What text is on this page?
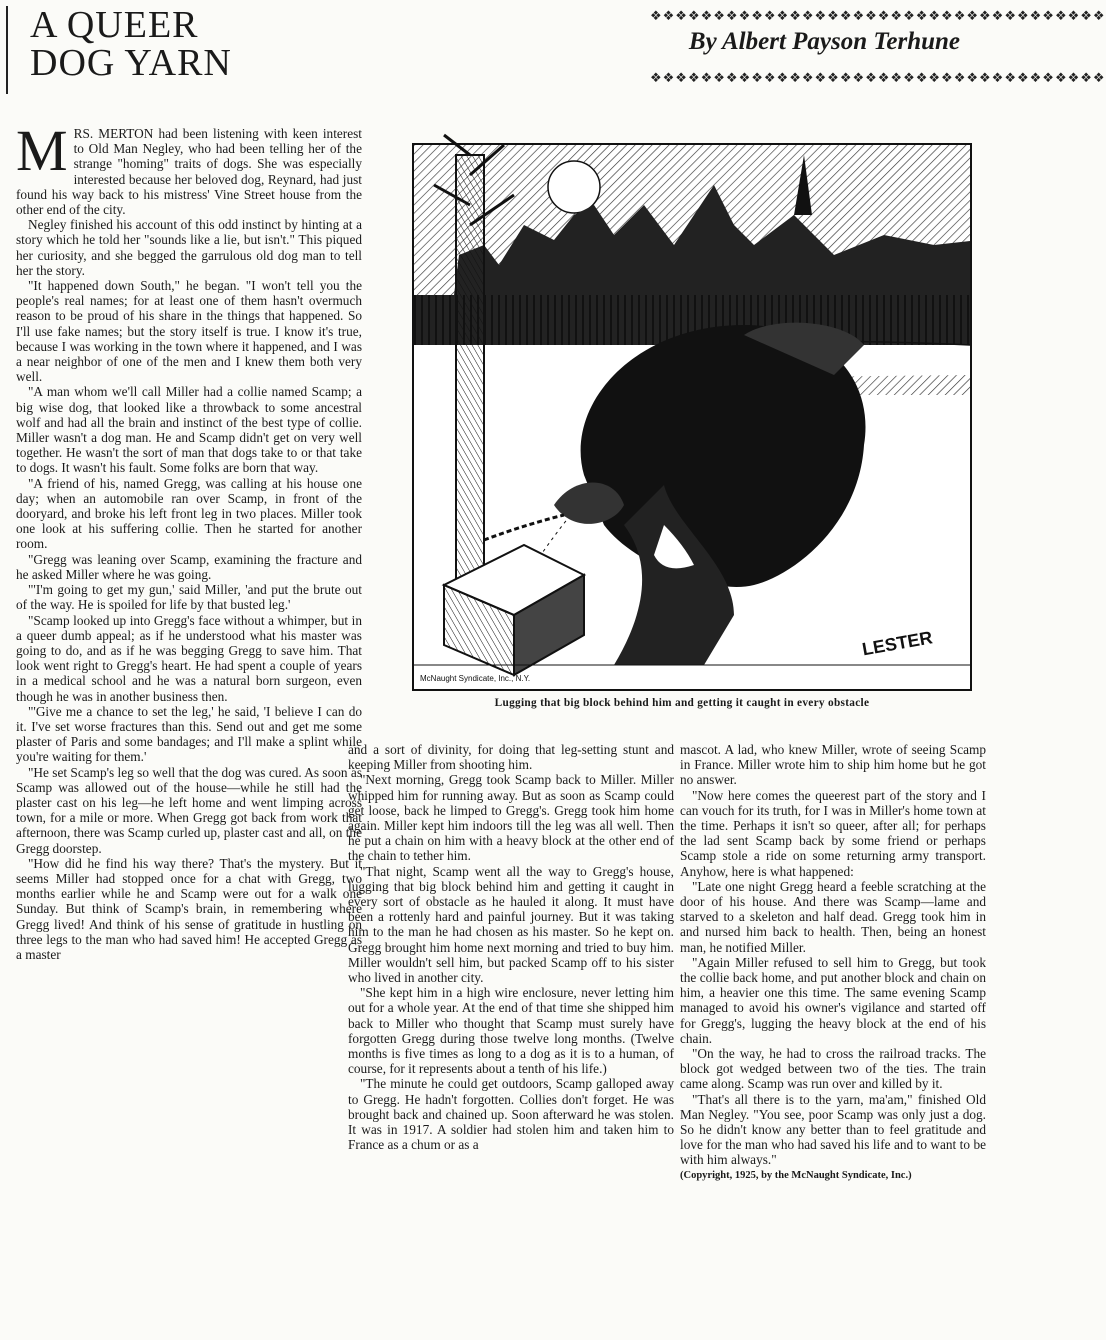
A QUEER
DOG YARN
❖❖❖❖❖❖❖❖❖❖❖❖❖❖❖❖❖❖❖❖❖❖❖❖❖❖❖❖❖❖❖❖❖❖❖❖
By Albert Payson Terhune
❖❖❖❖❖❖❖❖❖❖❖❖❖❖❖❖❖❖❖❖❖❖❖❖❖❖❖❖❖❖❖❖❖❖❖❖

MRS. MERTON had been listening with keen interest to Old Man Negley, who had been telling her of the strange "homing" traits of dogs. She was especially interested because her beloved dog, Reynard, had just found his way back to his mistress' Vine Street house from the other end of the city.

Negley finished his account of this odd instinct by hinting at a story which he told her "sounds like a lie, but isn't." This piqued her curiosity, and she begged the garrulous old dog man to tell her the story.

"It happened down South," he began. "I won't tell you the people's real names; for at least one of them hasn't overmuch reason to be proud of his share in the things that happened. So I'll use fake names; but the story itself is true. I know it's true, because I was working in the town where it happened, and I was a near neighbor of one of the men and I knew them both very well.

"A man whom we'll call Miller had a collie named Scamp; a big wise dog, that looked like a throwback to some ancestral wolf and had all the brain and instinct of the best type of collie. Miller wasn't a dog man. He and Scamp didn't get on very well together. He wasn't the sort of man that dogs take to or that take to dogs. It wasn't his fault. Some folks are born that way.

"A friend of his, named Gregg, was calling at his house one day; when an automobile ran over Scamp, in front of the dooryard, and broke his left front leg in two places. Miller took one look at his suffering collie. Then he started for another room.

"Gregg was leaning over Scamp, examining the fracture and he asked Miller where he was going.

"'I'm going to get my gun,' said Miller, 'and put the brute out of the way. He is spoiled for life by that busted leg.'

"Scamp looked up into Gregg's face without a whimper, but in a queer dumb appeal; as if he understood what his master was going to do, and as if he was begging Gregg to save him. That look went right to Gregg's heart. He had spent a couple of years in a medical school and he was a natural born surgeon, even though he was in another business then.

"'Give me a chance to set the leg,' he said, 'I believe I can do it. I've set worse fractures than this. Send out and get me some plaster of Paris and some bandages; and I'll make a splint while you're waiting for them.'

"He set Scamp's leg so well that the dog was cured. As soon as Scamp was allowed out of the house—while he still had the plaster cast on his leg—he left home and went limping across town, for a mile or more. When Gregg got back from work that afternoon, there was Scamp curled up, plaster cast and all, on the Gregg doorstep.

"How did he find his way there? That's the mystery. But it seems Miller had stopped once for a chat with Gregg, two months earlier while he and Scamp were out for a walk one Sunday. But think of Scamp's brain, in remembering where Gregg lived! And think of his sense of gratitude in hustling on three legs to the man who had saved him! He accepted Gregg as a master

McNaught Syndicate, Inc., N.Y.
LESTER
Lugging that big block behind him and getting it caught in every obstacle

and a sort of divinity, for doing that leg-setting stunt and keeping Miller from shooting him.

"Next morning, Gregg took Scamp back to Miller. Miller whipped him for running away. But as soon as Scamp could get loose, back he limped to Gregg's. Gregg took him home again. Miller kept him indoors till the leg was all well. Then he put a chain on him with a heavy block at the other end of the chain to tether him.

"That night, Scamp went all the way to Gregg's house, lugging that big block behind him and getting it caught in every sort of obstacle as he hauled it along. It must have been a rottenly hard and painful journey. But it was taking him to the man he had chosen as his master. So he kept on. Gregg brought him home next morning and tried to buy him. Miller wouldn't sell him, but packed Scamp off to his sister who lived in another city.

"She kept him in a high wire enclosure, never letting him out for a whole year. At the end of that time she shipped him back to Miller who thought that Scamp must surely have forgotten Gregg during those twelve long months. (Twelve months is five times as long to a dog as it is to a human, of course, for it represents about a tenth of his life.)

"The minute he could get outdoors, Scamp galloped away to Gregg. He hadn't forgotten. Collies don't forget. He was brought back and chained up. Soon afterward he was stolen. It was in 1917. A soldier had stolen him and taken him to France as a chum or as a

mascot. A lad, who knew Miller, wrote of seeing Scamp in France. Miller wrote him to ship him home but he got no answer.

"Now here comes the queerest part of the story and I can vouch for its truth, for I was in Miller's home town at the time. Perhaps it isn't so queer, after all; for perhaps the lad sent Scamp back by some friend or perhaps Scamp stole a ride on some returning army transport. Anyhow, here is what happened:

"Late one night Gregg heard a feeble scratching at the door of his house. And there was Scamp—lame and starved to a skeleton and half dead. Gregg took him in and nursed him back to health. Then, being an honest man, he notified Miller.

"Again Miller refused to sell him to Gregg, but took the collie back home, and put another block and chain on him, a heavier one this time. The same evening Scamp managed to avoid his owner's vigilance and started off for Gregg's, lugging the heavy block at the end of his chain.

"On the way, he had to cross the railroad tracks. The block got wedged between two of the ties. The train came along. Scamp was run over and killed by it.

"That's all there is to the yarn, ma'am," finished Old Man Negley. "You see, poor Scamp was only just a dog. So he didn't know any better than to feel gratitude and love for the man who had saved his life and to want to be with him always."

(Copyright, 1925, by the McNaught Syndicate, Inc.)
